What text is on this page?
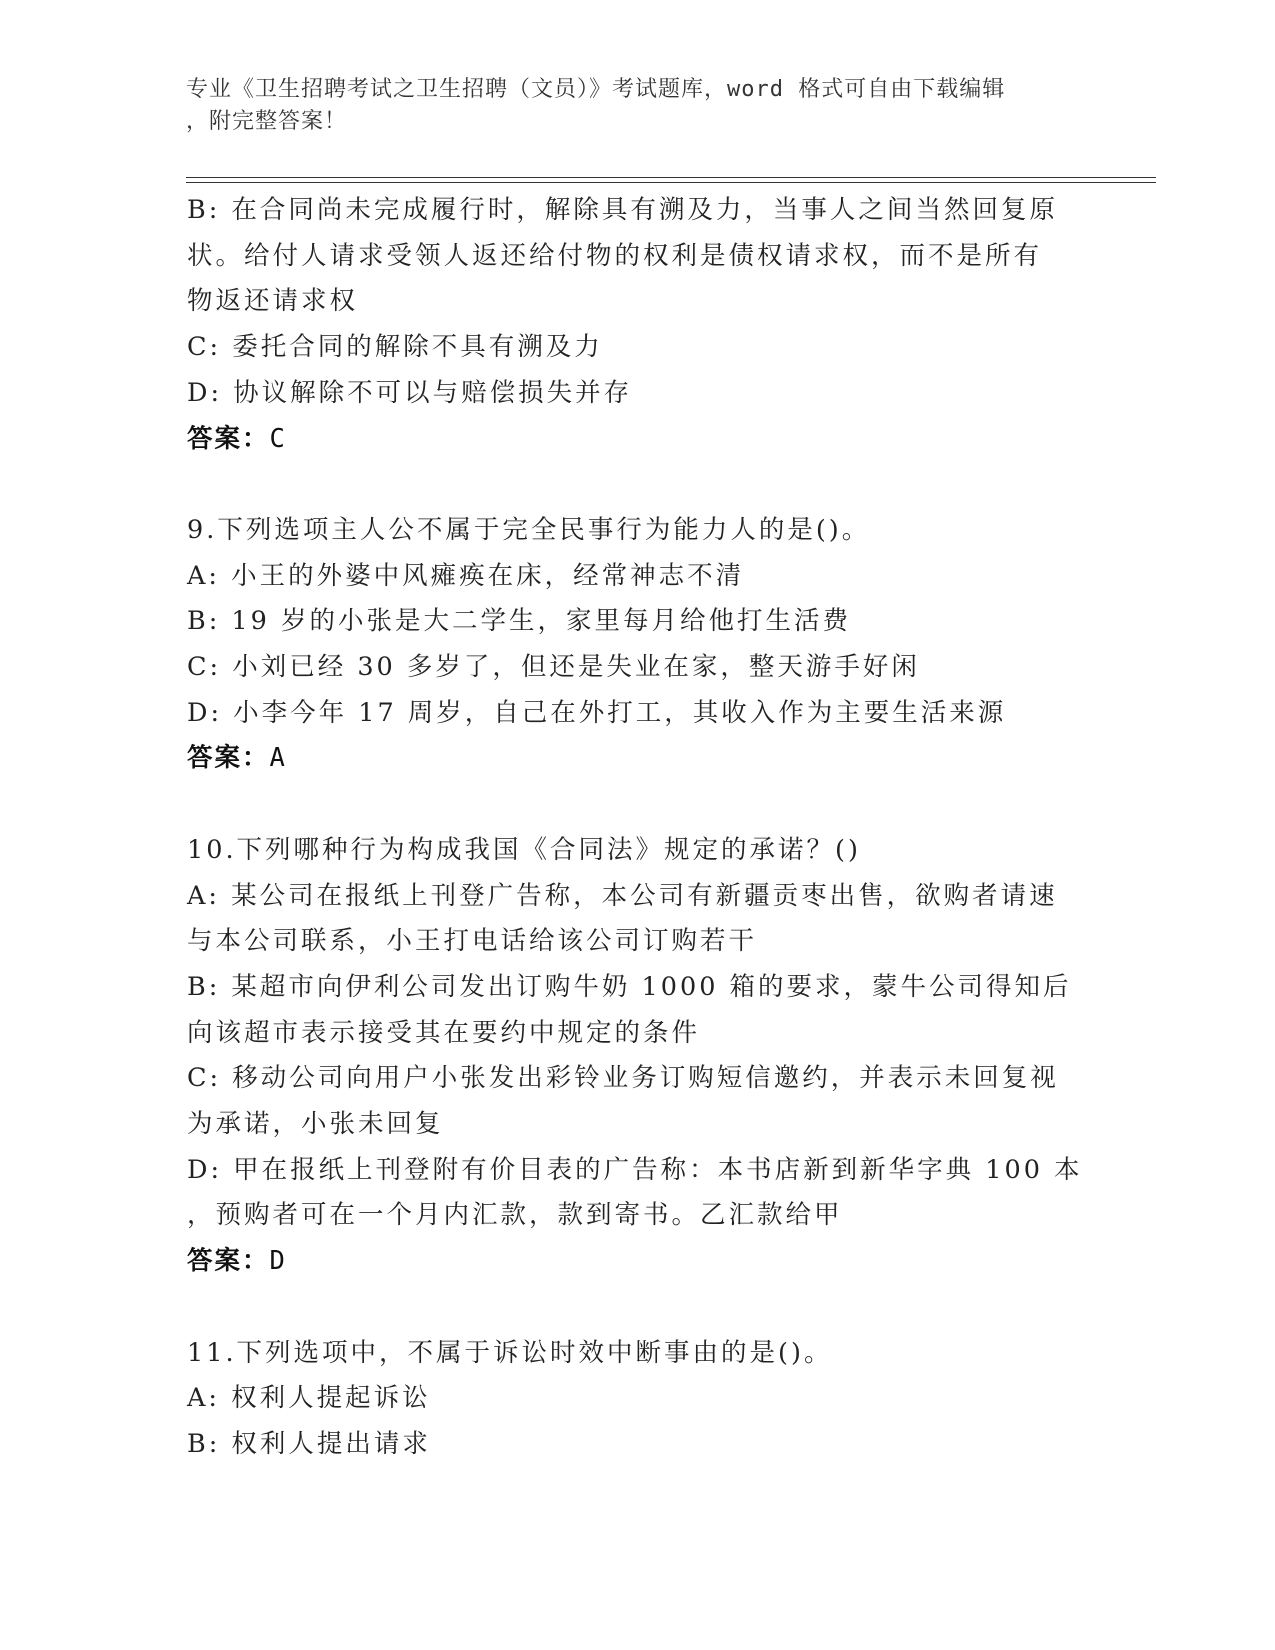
专业《卫生招聘考试之卫生招聘（文员）》考试题库，word 格式可自由下载编辑
，附完整答案！
B: 在合同尚未完成履行时，解除具有溯及力，当事人之间当然回复原
状。给付人请求受领人返还给付物的权利是债权请求权，而不是所有
物返还请求权
C: 委托合同的解除不具有溯及力
D: 协议解除不可以与赔偿损失并存
答案：C
9.下列选项主人公不属于完全民事行为能力人的是()。
A: 小王的外婆中风瘫痪在床，经常神志不清
B: 19 岁的小张是大二学生，家里每月给他打生活费
C: 小刘已经 30 多岁了，但还是失业在家，整天游手好闲
D: 小李今年 17 周岁，自己在外打工，其收入作为主要生活来源
答案：A
10.下列哪种行为构成我国《合同法》规定的承诺？()
A: 某公司在报纸上刊登广告称，本公司有新疆贡枣出售，欲购者请速
与本公司联系，小王打电话给该公司订购若干
B: 某超市向伊利公司发出订购牛奶 1000 箱的要求，蒙牛公司得知后
向该超市表示接受其在要约中规定的条件
C: 移动公司向用户小张发出彩铃业务订购短信邀约，并表示未回复视
为承诺，小张未回复
D: 甲在报纸上刊登附有价目表的广告称：本书店新到新华字典 100 本
，预购者可在一个月内汇款，款到寄书。乙汇款给甲
答案：D
11.下列选项中，不属于诉讼时效中断事由的是()。
A: 权利人提起诉讼
B: 权利人提出请求
